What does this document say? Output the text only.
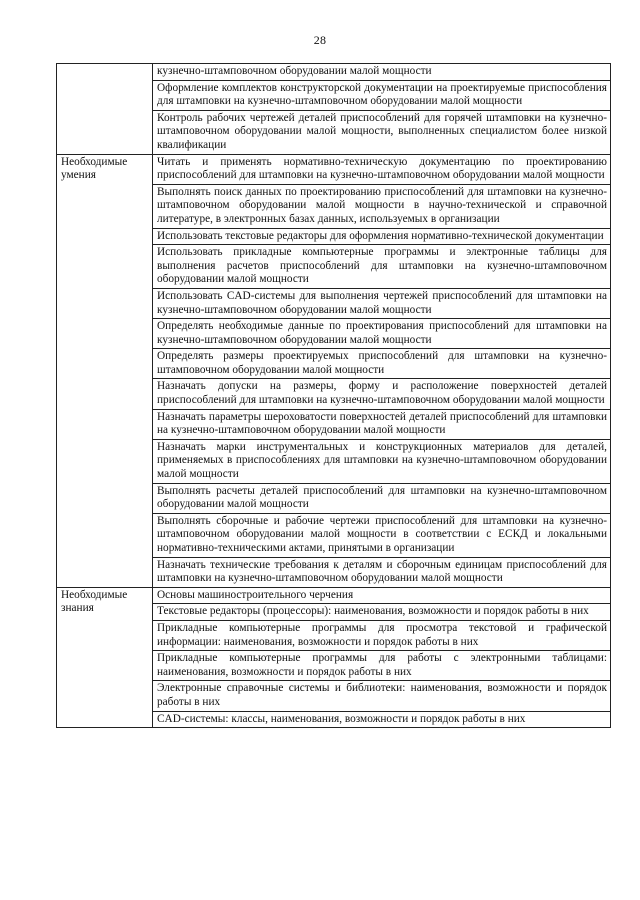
28
	кузнечно-штамповочном оборудовании малой мощности
	Оформление комплектов конструкторской документации на проектируемые приспособления для штамповки на кузнечно-штамповочном оборудовании малой мощности
	Контроль рабочих чертежей деталей приспособлений для горячей штамповки на кузнечно-штамповочном оборудовании малой мощности, выполненных специалистом более низкой квалификации
Необходимые умения	Читать и применять нормативно-техническую документацию по проектированию приспособлений для штамповки на кузнечно-штамповочном оборудовании малой мощности
	Выполнять поиск данных по проектированию приспособлений для штамповки на кузнечно-штамповочном оборудовании малой мощности в научно-технической и справочной литературе, в электронных базах данных, используемых в организации
	Использовать текстовые редакторы для оформления нормативно-технической документации
	Использовать прикладные компьютерные программы и электронные таблицы для выполнения расчетов приспособлений для штамповки на кузнечно-штамповочном оборудовании малой мощности
	Использовать CAD-системы для выполнения чертежей приспособлений для штамповки на кузнечно-штамповочном оборудовании малой мощности
	Определять необходимые данные по проектирования приспособлений для штамповки на кузнечно-штамповочном оборудовании малой мощности
	Определять размеры проектируемых приспособлений для штамповки на кузнечно-штамповочном оборудовании малой мощности
	Назначать допуски на размеры, форму и расположение поверхностей деталей приспособлений для штамповки на кузнечно-штамповочном оборудовании малой мощности
	Назначать параметры шероховатости поверхностей деталей приспособлений для штамповки на кузнечно-штамповочном оборудовании малой мощности
	Назначать марки инструментальных и конструкционных материалов для деталей, применяемых в приспособлениях для штамповки на кузнечно-штамповочном оборудовании малой мощности
	Выполнять расчеты деталей приспособлений для штамповки на кузнечно-штамповочном оборудовании малой мощности
	Выполнять сборочные и рабочие чертежи приспособлений для штамповки на кузнечно-штамповочном оборудовании малой мощности в соответствии с ЕСКД и локальными нормативно-техническими актами, принятыми в организации
	Назначать технические требования к деталям и сборочным единицам приспособлений для штамповки на кузнечно-штамповочном оборудовании малой мощности
Необходимые знания	Основы машиностроительного черчения
	Текстовые редакторы (процессоры): наименования, возможности и порядок работы в них
	Прикладные компьютерные программы для просмотра текстовой и графической информации: наименования, возможности и порядок работы в них
	Прикладные компьютерные программы для работы с электронными таблицами: наименования, возможности и порядок работы в них
	Электронные справочные системы и библиотеки: наименования, возможности и порядок работы в них
	CAD-системы: классы, наименования, возможности и порядок работы в них
